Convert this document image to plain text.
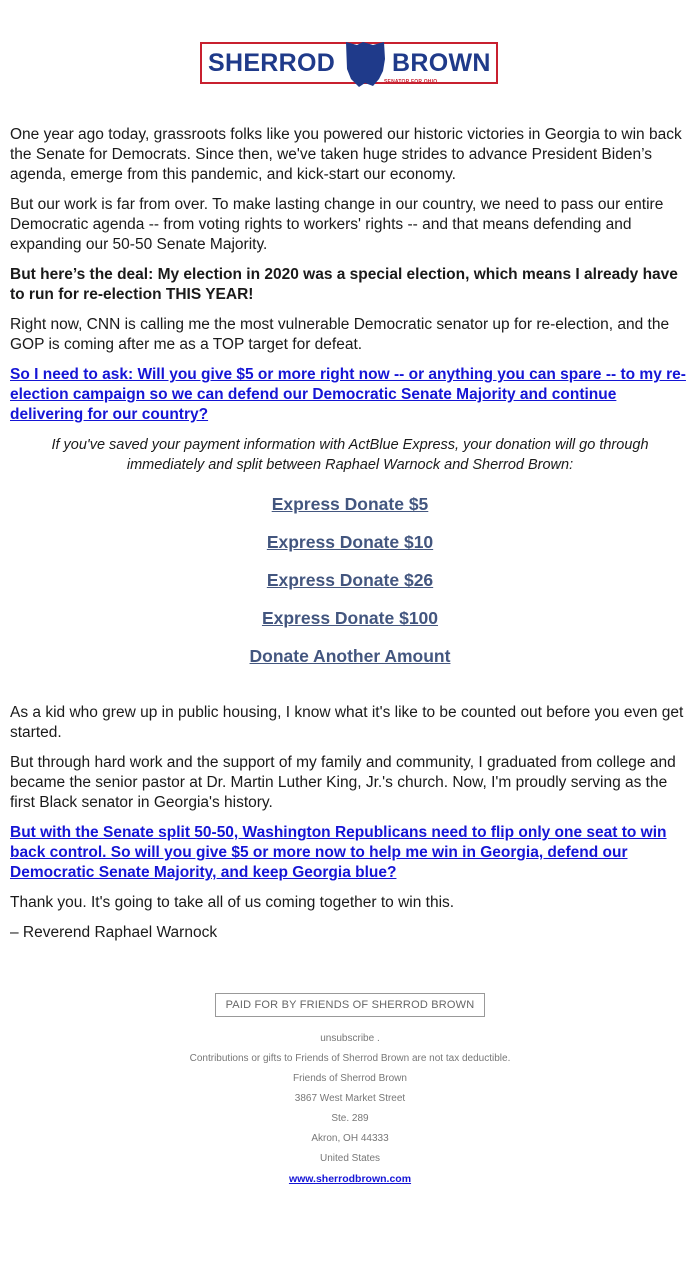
SHERROD BROWN
SENATOR FOR OHIO

One year ago today, grassroots folks like you powered our historic victories in Georgia to win back the Senate for Democrats. Since then, we've taken huge strides to advance President Biden’s agenda, emerge from this pandemic, and kick-start our economy.

But our work is far from over. To make lasting change in our country, we need to pass our entire Democratic agenda -- from voting rights to workers' rights -- and that means defending and expanding our 50-50 Senate Majority.

But here’s the deal: My election in 2020 was a special election, which means I already have to run for re-election THIS YEAR!

Right now, CNN is calling me the most vulnerable Democratic senator up for re-election, and the GOP is coming after me as a TOP target for defeat.

So I need to ask: Will you give $5 or more right now -- or anything you can spare -- to my re-election campaign so we can defend our Democratic Senate Majority and continue delivering for our country?

If you've saved your payment information with ActBlue Express, your donation will go through immediately and split between Raphael Warnock and Sherrod Brown:

Express Donate $5
Express Donate $10
Express Donate $26
Express Donate $100
Donate Another Amount

As a kid who grew up in public housing, I know what it's like to be counted out before you even get started.

But through hard work and the support of my family and community, I graduated from college and became the senior pastor at Dr. Martin Luther King, Jr.'s church. Now, I'm proudly serving as the first Black senator in Georgia's history.

But with the Senate split 50-50, Washington Republicans need to flip only one seat to win back control. So will you give $5 or more now to help me win in Georgia, defend our Democratic Senate Majority, and keep Georgia blue?

Thank you. It's going to take all of us coming together to win this.

– Reverend Raphael Warnock

PAID FOR BY FRIENDS OF SHERROD BROWN
unsubscribe .
Contributions or gifts to Friends of Sherrod Brown are not tax deductible.
Friends of Sherrod Brown
3867 West Market Street
Ste. 289
Akron, OH 44333
United States
www.sherrodbrown.com
